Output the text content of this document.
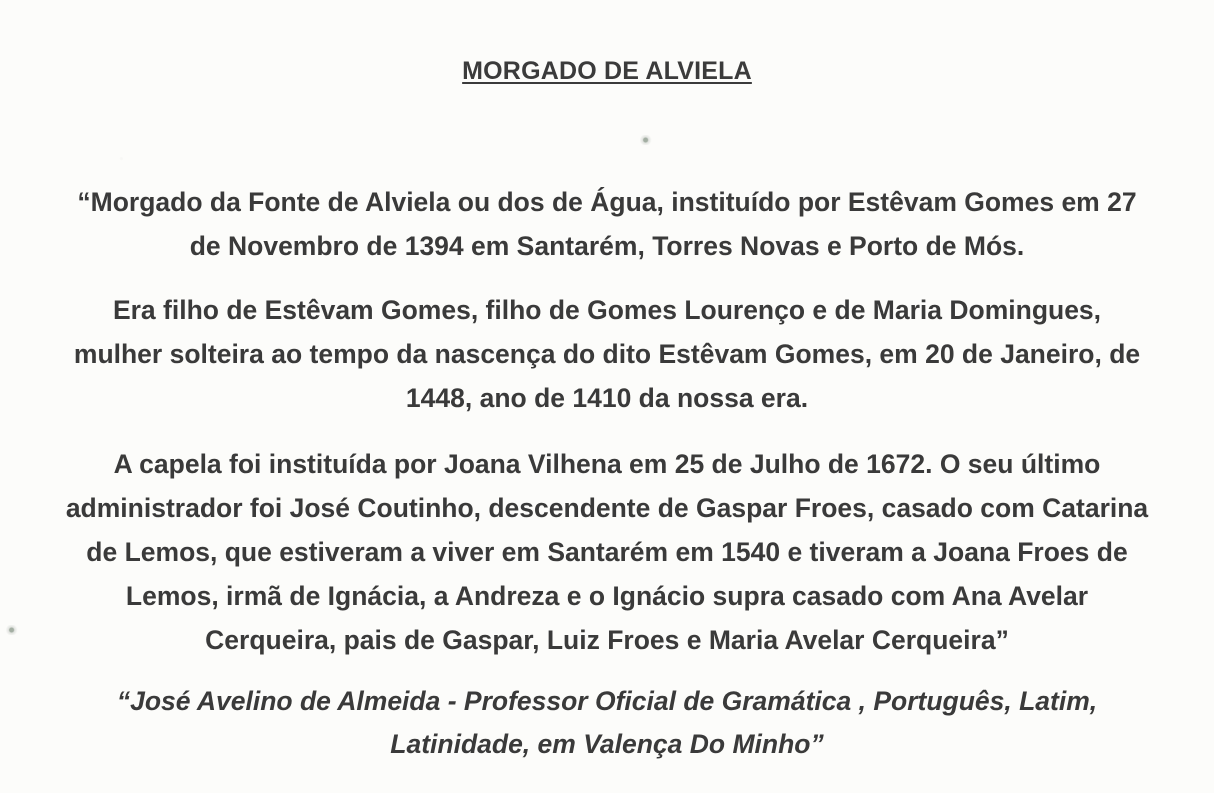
MORGADO DE ALVIELA
“Morgado da Fonte de Alviela ou dos de Água, instituído por Estêvam Gomes em 27
de Novembro de 1394 em Santarém, Torres Novas e Porto de Mós.
Era filho de Estêvam Gomes, filho de Gomes Lourenço e de Maria Domingues,
mulher solteira ao tempo da nascença do dito Estêvam Gomes, em 20 de Janeiro, de
1448, ano de 1410 da nossa era.
A capela foi instituída por Joana Vilhena em 25 de Julho de 1672. O seu último
administrador foi José Coutinho, descendente de Gaspar Froes, casado com Catarina
de Lemos, que estiveram a viver em Santarém em 1540 e tiveram a Joana Froes de
Lemos, irmã de Ignácia, a Andreza e o Ignácio supra casado com Ana Avelar
Cerqueira, pais de Gaspar, Luiz Froes e Maria Avelar Cerqueira”
“José Avelino de Almeida - Professor Oficial de Gramática , Português, Latim,
Latinidade, em Valença Do Minho”
